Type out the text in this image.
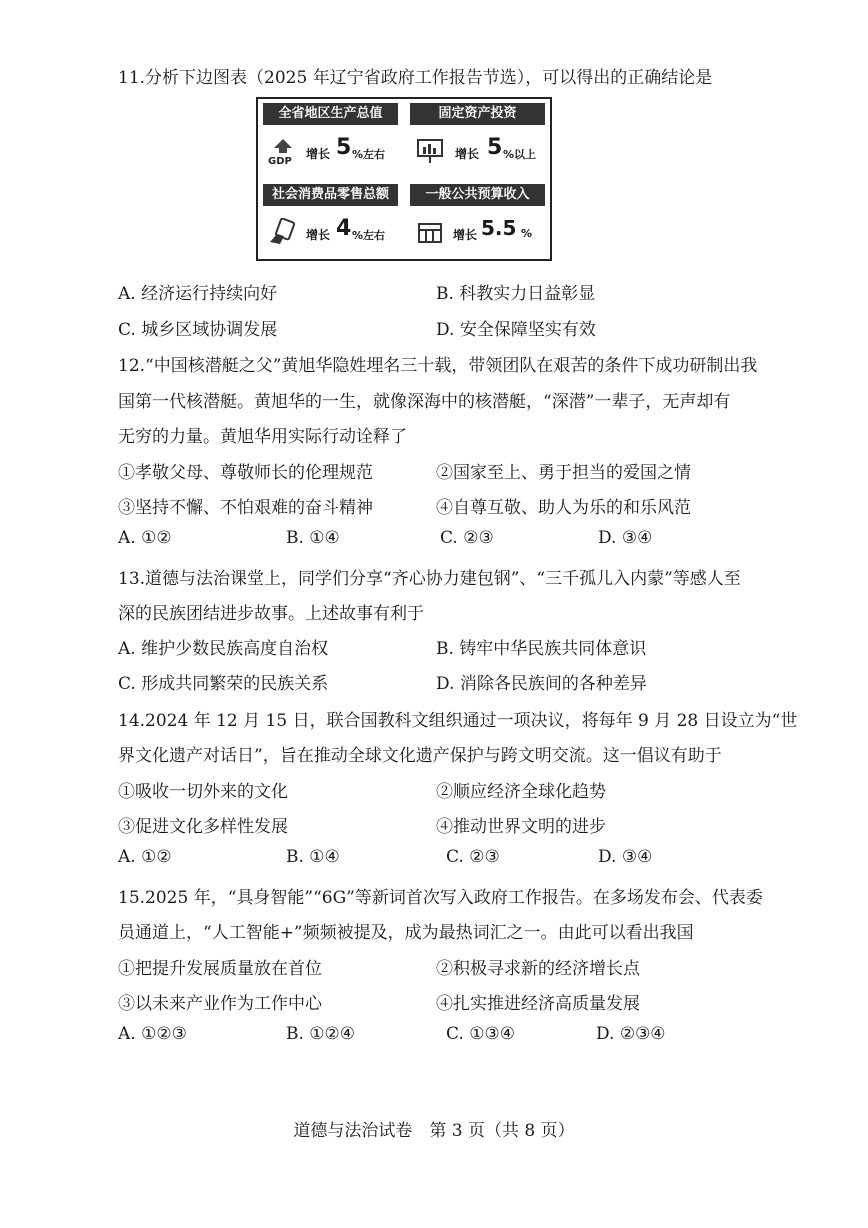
11.分析下边图表（2025 年辽宁省政府工作报告节选），可以得出的正确结论是
全省地区生产总值
GDP
增长 5 %左右
固定资产投资
增长 5 %以上
社会消费品零售总额
增长 4 %左右
一般公共预算收入
增长 5.5 %
A. 经济运行持续向好	B. 科教实力日益彰显
C. 城乡区域协调发展	D. 安全保障坚实有效
12.“中国核潜艇之父”黄旭华隐姓埋名三十载，带领团队在艰苦的条件下成功研制出我
国第一代核潜艇。黄旭华的一生，就像深海中的核潜艇，“深潜”一辈子，无声却有
无穷的力量。黄旭华用实际行动诠释了
①孝敬父母、尊敬师长的伦理规范	②国家至上、勇于担当的爱国之情
③坚持不懈、不怕艰难的奋斗精神	④自尊互敬、助人为乐的和乐风范
A. ①②	B. ①④	C. ②③	D. ③④
13.道德与法治课堂上，同学们分享“齐心协力建包钢”、“三千孤儿入内蒙”等感人至
深的民族团结进步故事。上述故事有利于
A. 维护少数民族高度自治权	B. 铸牢中华民族共同体意识
C. 形成共同繁荣的民族关系	D. 消除各民族间的各种差异
14.2024 年 12 月 15 日，联合国教科文组织通过一项决议，将每年 9 月 28 日设立为“世
界文化遗产对话日”，旨在推动全球文化遗产保护与跨文明交流。这一倡议有助于
①吸收一切外来的文化	②顺应经济全球化趋势
③促进文化多样性发展	④推动世界文明的进步
A. ①②	B. ①④	C. ②③	D. ③④
15.2025 年，“具身智能”“6G”等新词首次写入政府工作报告。在多场发布会、代表委
员通道上，“人工智能+”频频被提及，成为最热词汇之一。由此可以看出我国
①把提升发展质量放在首位	②积极寻求新的经济增长点
③以未来产业作为工作中心	④扎实推进经济高质量发展
A. ①②③	B. ①②④	C. ①③④	D. ②③④
道德与法治试卷　第 3 页（共 8 页）
